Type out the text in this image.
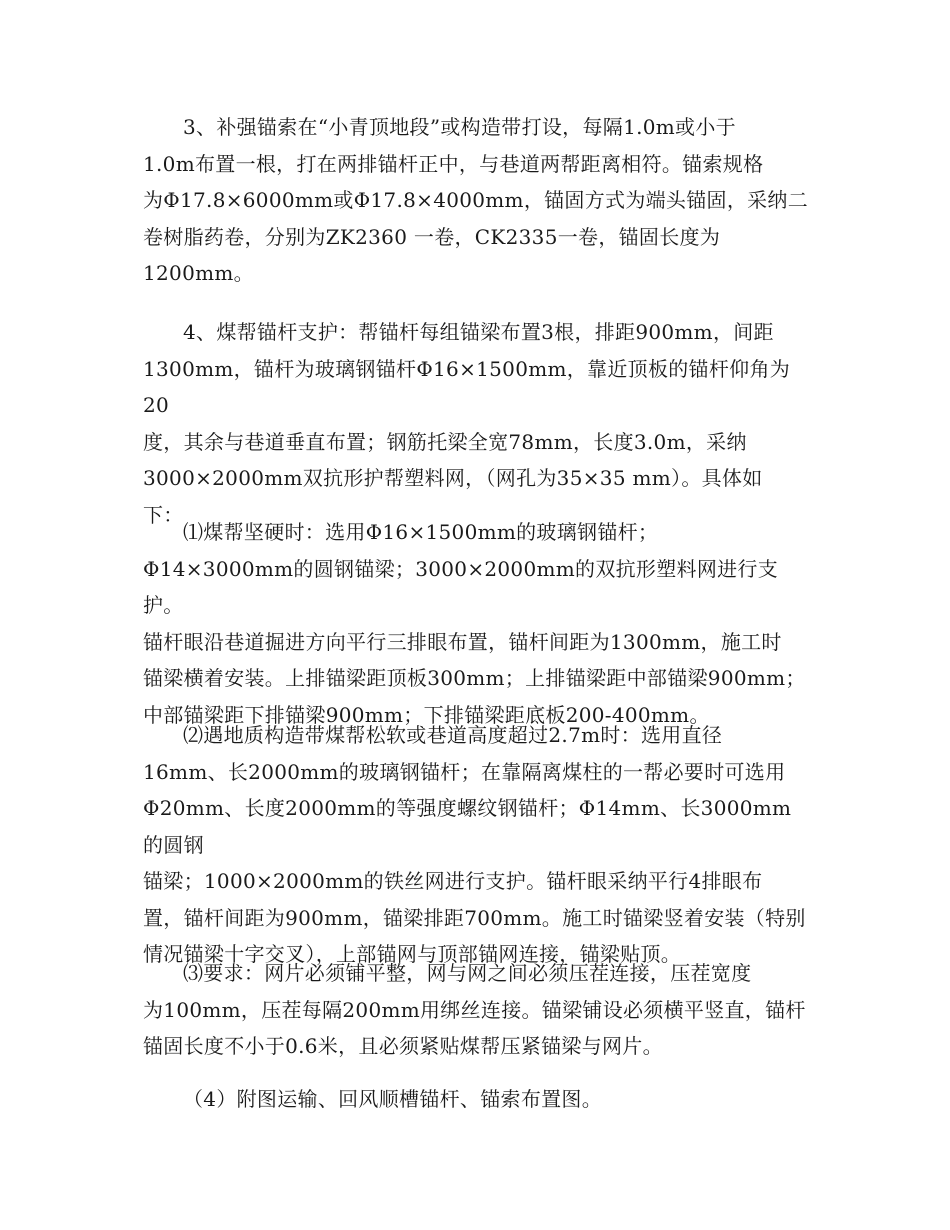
3、补强锚索在“小青顶地段”或构造带打设，每隔1.0m或小于
1.0m布置一根，打在两排锚杆正中，与巷道两帮距离相符。锚索规格
为Φ17.8×6000mm或Φ17.8×4000mm，锚固方式为端头锚固，采纳二
卷树脂药卷，分别为ZK2360 一卷，CK2335一卷，锚固长度为
1200mm。

4、煤帮锚杆支护：帮锚杆每组锚梁布置3根，排距900mm，间距
1300mm，锚杆为玻璃钢锚杆Φ16×1500mm，靠近顶板的锚杆仰角为20
度，其余与巷道垂直布置；钢筋托梁全宽78mm，长度3.0m，采纳
3000×2000mm双抗形护帮塑料网，（网孔为35×35 mm）。具体如
下：

⑴煤帮坚硬时：选用Φ16×1500mm的玻璃钢锚杆；
Φ14×3000mm的圆钢锚梁；3000×2000mm的双抗形塑料网进行支护。
锚杆眼沿巷道掘进方向平行三排眼布置，锚杆间距为1300mm，施工时
锚梁横着安装。上排锚梁距顶板300mm；上排锚梁距中部锚梁900mm；
中部锚梁距下排锚梁900mm；下排锚梁距底板200-400mm。

⑵遇地质构造带煤帮松软或巷道高度超过2.7m时：选用直径
16mm、长2000mm的玻璃钢锚杆；在靠隔离煤柱的一帮必要时可选用
Φ20mm、长度2000mm的等强度螺纹钢锚杆；Φ14mm、长3000mm的圆钢
锚梁；1000×2000mm的铁丝网进行支护。锚杆眼采纳平行4排眼布
置，锚杆间距为900mm，锚梁排距700mm。施工时锚梁竖着安装（特别
情况锚梁十字交叉），上部锚网与顶部锚网连接，锚梁贴顶。

⑶要求：网片必须铺平整，网与网之间必须压茬连接，压茬宽度
为100mm，压茬每隔200mm用绑丝连接。锚梁铺设必须横平竖直，锚杆
锚固长度不小于0.6米，且必须紧贴煤帮压紧锚梁与网片。

（4）附图运输、回风顺槽锚杆、锚索布置图。
